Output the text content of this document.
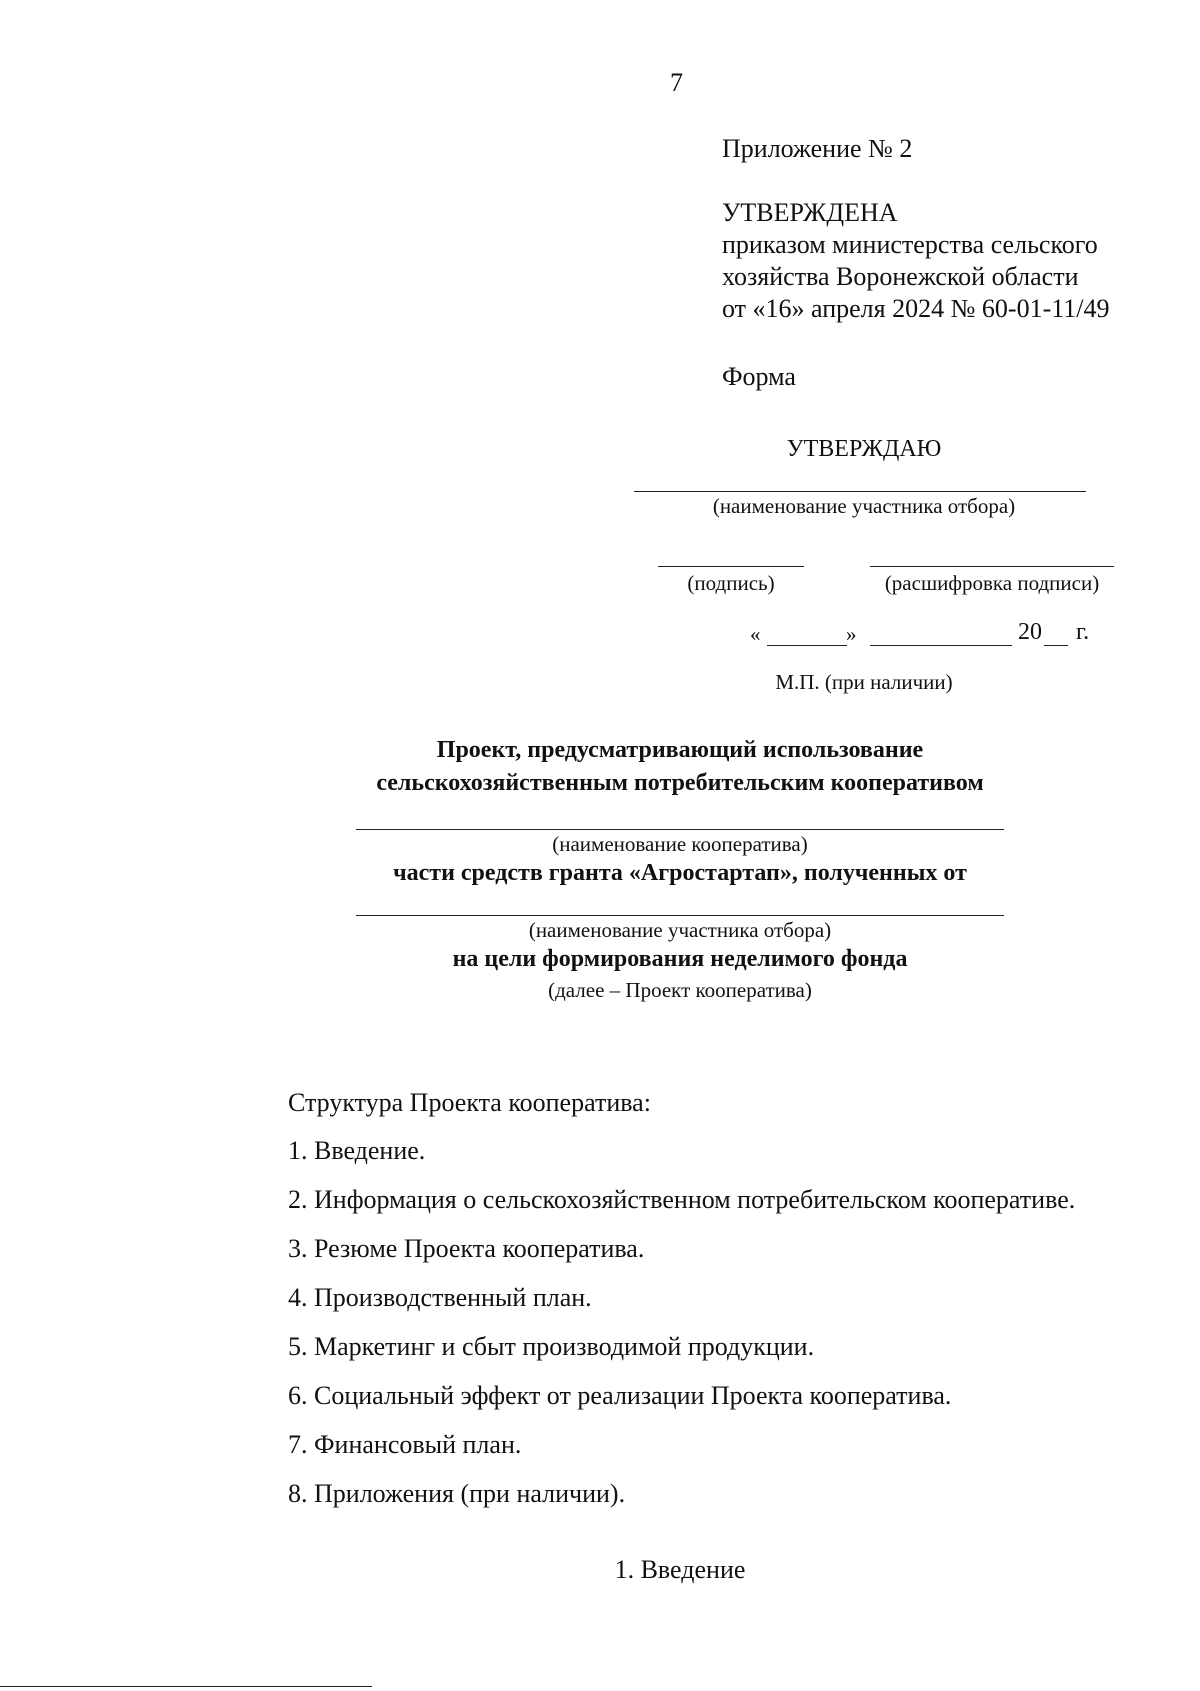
7
Приложение № 2
УТВЕРЖДЕНА
приказом министерства сельского
хозяйства Воронежской области
от «16» апреля 2024 № 60-01-11/49
Форма
УТВЕРЖДАЮ
(наименование участника отбора)
(подпись)	(расшифровка подписи)
«	»	20 г.
М.П. (при наличии)
Проект, предусматривающий использование
сельскохозяйственным потребительским кооперативом
(наименование кооператива)
части средств гранта «Агростартап», полученных от
(наименование участника отбора)
на цели формирования неделимого фонда
(далее – Проект кооператива)
Структура Проекта кооператива:
1. Введение.
2. Информация о сельскохозяйственном потребительском кооперативе.
3. Резюме Проекта кооператива.
4. Производственный план.
5. Маркетинг и сбыт производимой продукции.
6. Социальный эффект от реализации Проекта кооператива.
7. Финансовый план.
8. Приложения (при наличии).
1. Введение
